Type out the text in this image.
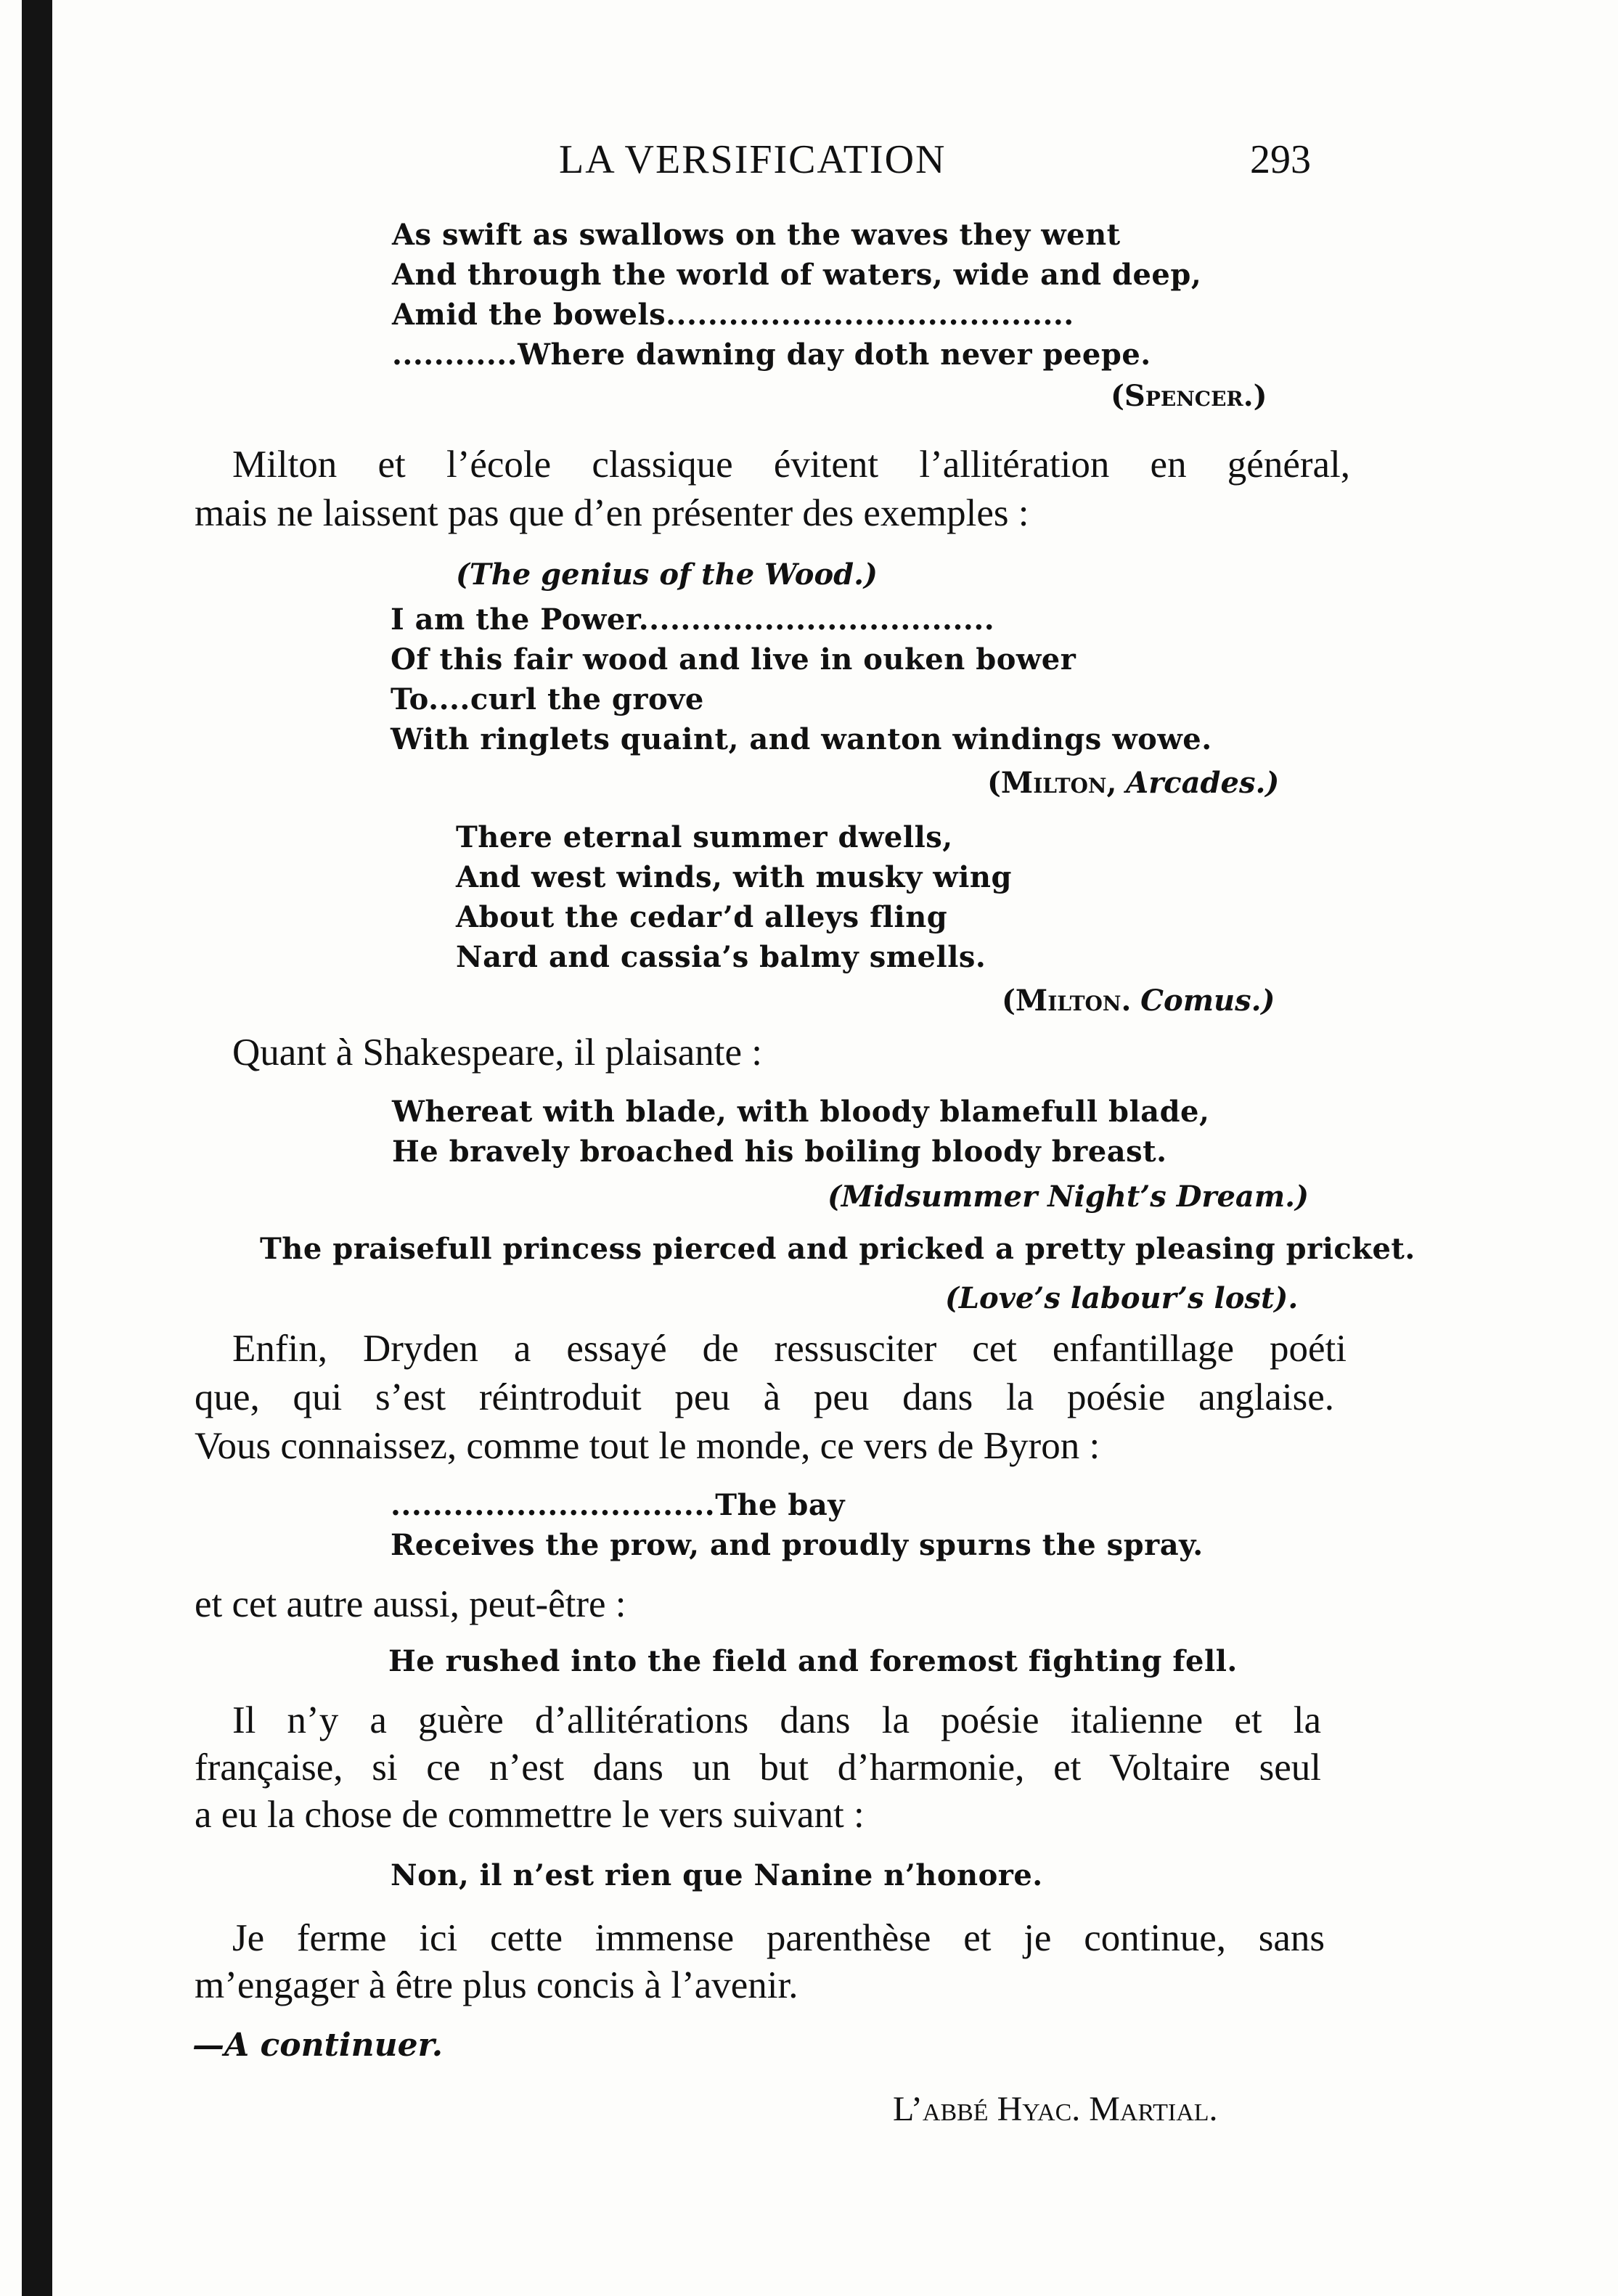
LA VERSIFICATION	293
As swift as swallows on the waves they went
And through the world of waters, wide and deep,
Amid the bowels.......................................
............Where dawning day doth never peepe.
(Spencer.)
Milton et l’école classique évitent l’allitération en général,
mais ne laissent pas que d’en présenter des exemples :
(The genius of the Wood.)
I am the Power..................................
Of this fair wood and live in ouken bower
To....curl the grove
With ringlets quaint, and wanton windings wowe.
(Milton, Arcades.)
There eternal summer dwells,
And west winds, with musky wing
About the cedar’d alleys fling
Nard and cassia’s balmy smells.
(Milton. Comus.)
Quant à Shakespeare, il plaisante :
Whereat with blade, with bloody blamefull blade,
He bravely broached his boiling bloody breast.
(Midsummer Night’s Dream.)
The praisefull princess pierced and pricked a pretty pleasing pricket.
(Love’s labour’s lost).
Enfin, Dryden a essayé de ressusciter cet enfantillage poéti
que, qui s’est réintroduit peu à peu dans la poésie anglaise.
Vous connaissez, comme tout le monde, ce vers de Byron :
...............................The bay
Receives the prow, and proudly spurns the spray.
et cet autre aussi, peut-être :
He rushed into the field and foremost fighting fell.
Il n’y a guère d’allitérations dans la poésie italienne et la
française, si ce n’est dans un but d’harmonie, et Voltaire seul
a eu la chose de commettre le vers suivant :
Non, il n’est rien que Nanine n’honore.
Je ferme ici cette immense parenthèse et je continue, sans
m’engager à être plus concis à l’avenir.
—A continuer.
L’abbé Hyac. Martial.
